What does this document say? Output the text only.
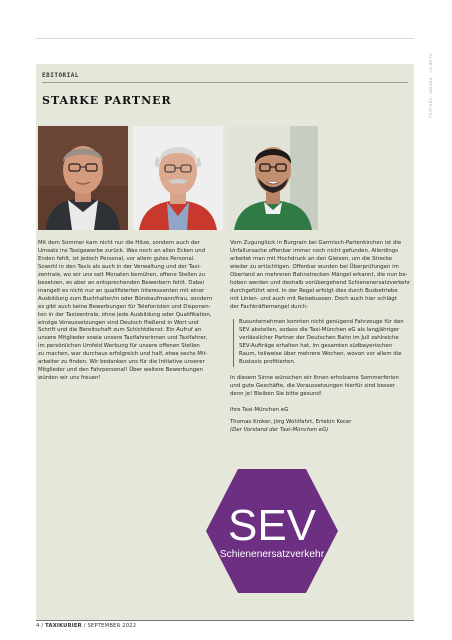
Portraits: ablaba · ca.de.hl
EDITORIAL
STARKE PARTNER

Mit dem Sommer kam nicht nur die Hitze, sondern auch der
Umsatz ins Taxigewerbe zurück. Was noch an allen Ecken und
Enden fehlt, ist jedoch Personal, vor allem gutes Personal.
Sowohl in den Taxis als auch in der Verwaltung und der Taxi-
zentrale, wo wir uns seit Monaten bemühen, offene Stellen zu
besetzen, es aber an entsprechenden Bewerbern fehlt. Dabei
mangelt es nicht nur an qualifizierten Interessenten mit einer
Ausbildung zum Buchhalter/in oder Bürokaufmann/frau, sondern
es gibt auch keine Bewerbungen für Telefonisten und Disponen-
ten in der Taxizentrale, ohne jede Ausbildung oder Qualifikation,
einzige Voraussetzungen sind Deutsch fließend in Wort und
Schrift und die Bereitschaft zum Schichtdienst. Ein Aufruf an
unsere Mitglieder sowie unsere Taxifahrerinnen und Taxifahrer,
im persönlichen Umfeld Werbung für unsere offenen Stellen
zu machen, war durchaus erfolgreich und half, etwa sechs Mit-
arbeiter zu finden. Wir bedanken uns für die Initiative unserer
Mitglieder und den Fahrpersonal! Über weitere Bewerbungen
würden wir uns freuen!

Vom Zugunglück in Burgrain bei Garmisch-Partenkirchen ist die
Unfallursache offenbar immer noch nicht gefunden. Allerdings
arbeitet man mit Hochdruck an den Gleisen, um die Strecke
wieder zu ertüchtigen. Offenbar wurden bei Überprüfungen im
Oberland an mehreren Bahnstrecken Mängel erkannt, die nun be-
hoben werden und deshalb vorübergehend Schienenersatzverkehr
durchgeführt wird. In der Regel erfolgt dies durch Busbetriebe
mit Linien- und auch mit Reisebussen. Doch auch hier schlägt
der Fachkräftemangel durch:

Busunternehmen konnten nicht genügend Fahrzeuge für den
SEV abstellen, sodass die Taxi-München eG als langjähriger
verlässlicher Partner der Deutschen Bahn im Juli zahlreiche
SEV-Aufträge erhalten hat, im gesamten südbayerischen
Raum, teilweise über mehrere Wochen, wovon vor allem die
Bustaxis profitierten.

In diesem Sinne wünschen wir Ihnen erholsame Sommerferien
und gute Geschäfte, die Voraussetzungen hierfür sind besser
denn je! Bleiben Sie bitte gesund!

Ihre Taxi-München eG

Thomas Kroker, Jörg Wohlfahrt, Ertekin Kocer
(Der Vorstand der Taxi-München eG)
SEV
Schienenersatzverkehr
4 / TAXIKURIER / SEPTEMBER 2022
